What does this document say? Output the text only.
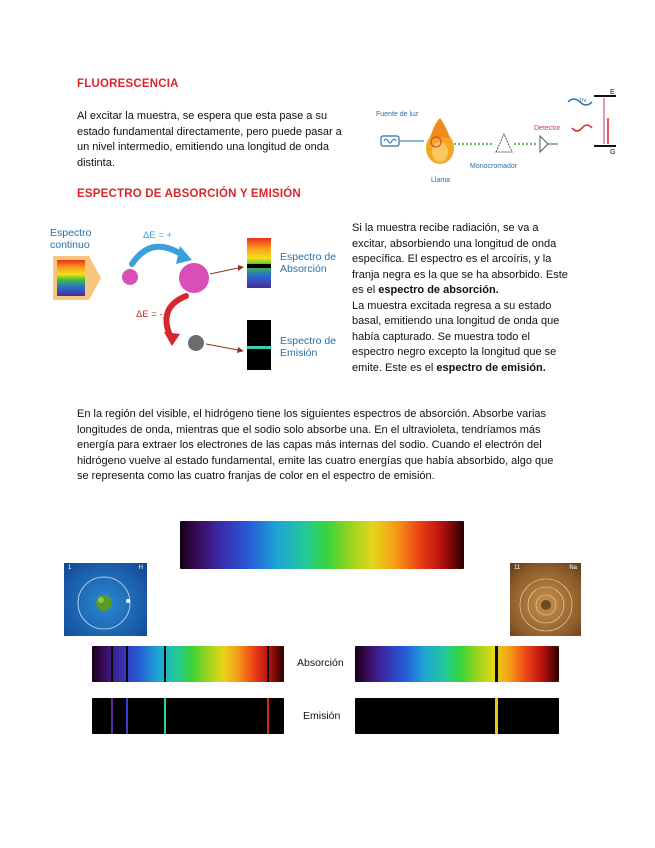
FLUORESCENCIA
Al excitar la muestra, se espera que esta pase a su estado fundamental directamente, pero puede pasar a un nivel intermedio, emitiendo una longitud de onda distinta.
Fuente de luz
Llama
Monocromador
Detector
hν
E
G
ESPECTRO DE ABSORCIÓN Y EMISIÓN
Espectro continuo
ΔE = +
ΔE = -
Espectro de Absorción
Espectro de Emisión
Si la muestra recibe radiación, se va a excitar, absorbiendo una longitud de onda específica. El espectro es el arcoíris, y la franja negra es la que se ha absorbido. Este es el espectro de absorción.
La muestra excitada regresa a su estado basal, emitiendo una longitud de onda que había capturado. Se muestra todo el espectro negro excepto la longitud que se emite. Este es el espectro de emisión.
En la región del visible, el hidrógeno tiene los siguientes espectros de absorción. Absorbe varias longitudes de onda, mientras que el sodio solo absorbe una. En el ultravioleta, tendríamos más energía para extraer los electrones de las capas más internas del sodio. Cuando el electrón del hidrógeno vuelve al estado fundamental, emite las cuatro energías que había absorbido, algo que se representa como las cuatro franjas de color en el espectro de emisión.
1	H	11	Na
Absorción
Emisión
